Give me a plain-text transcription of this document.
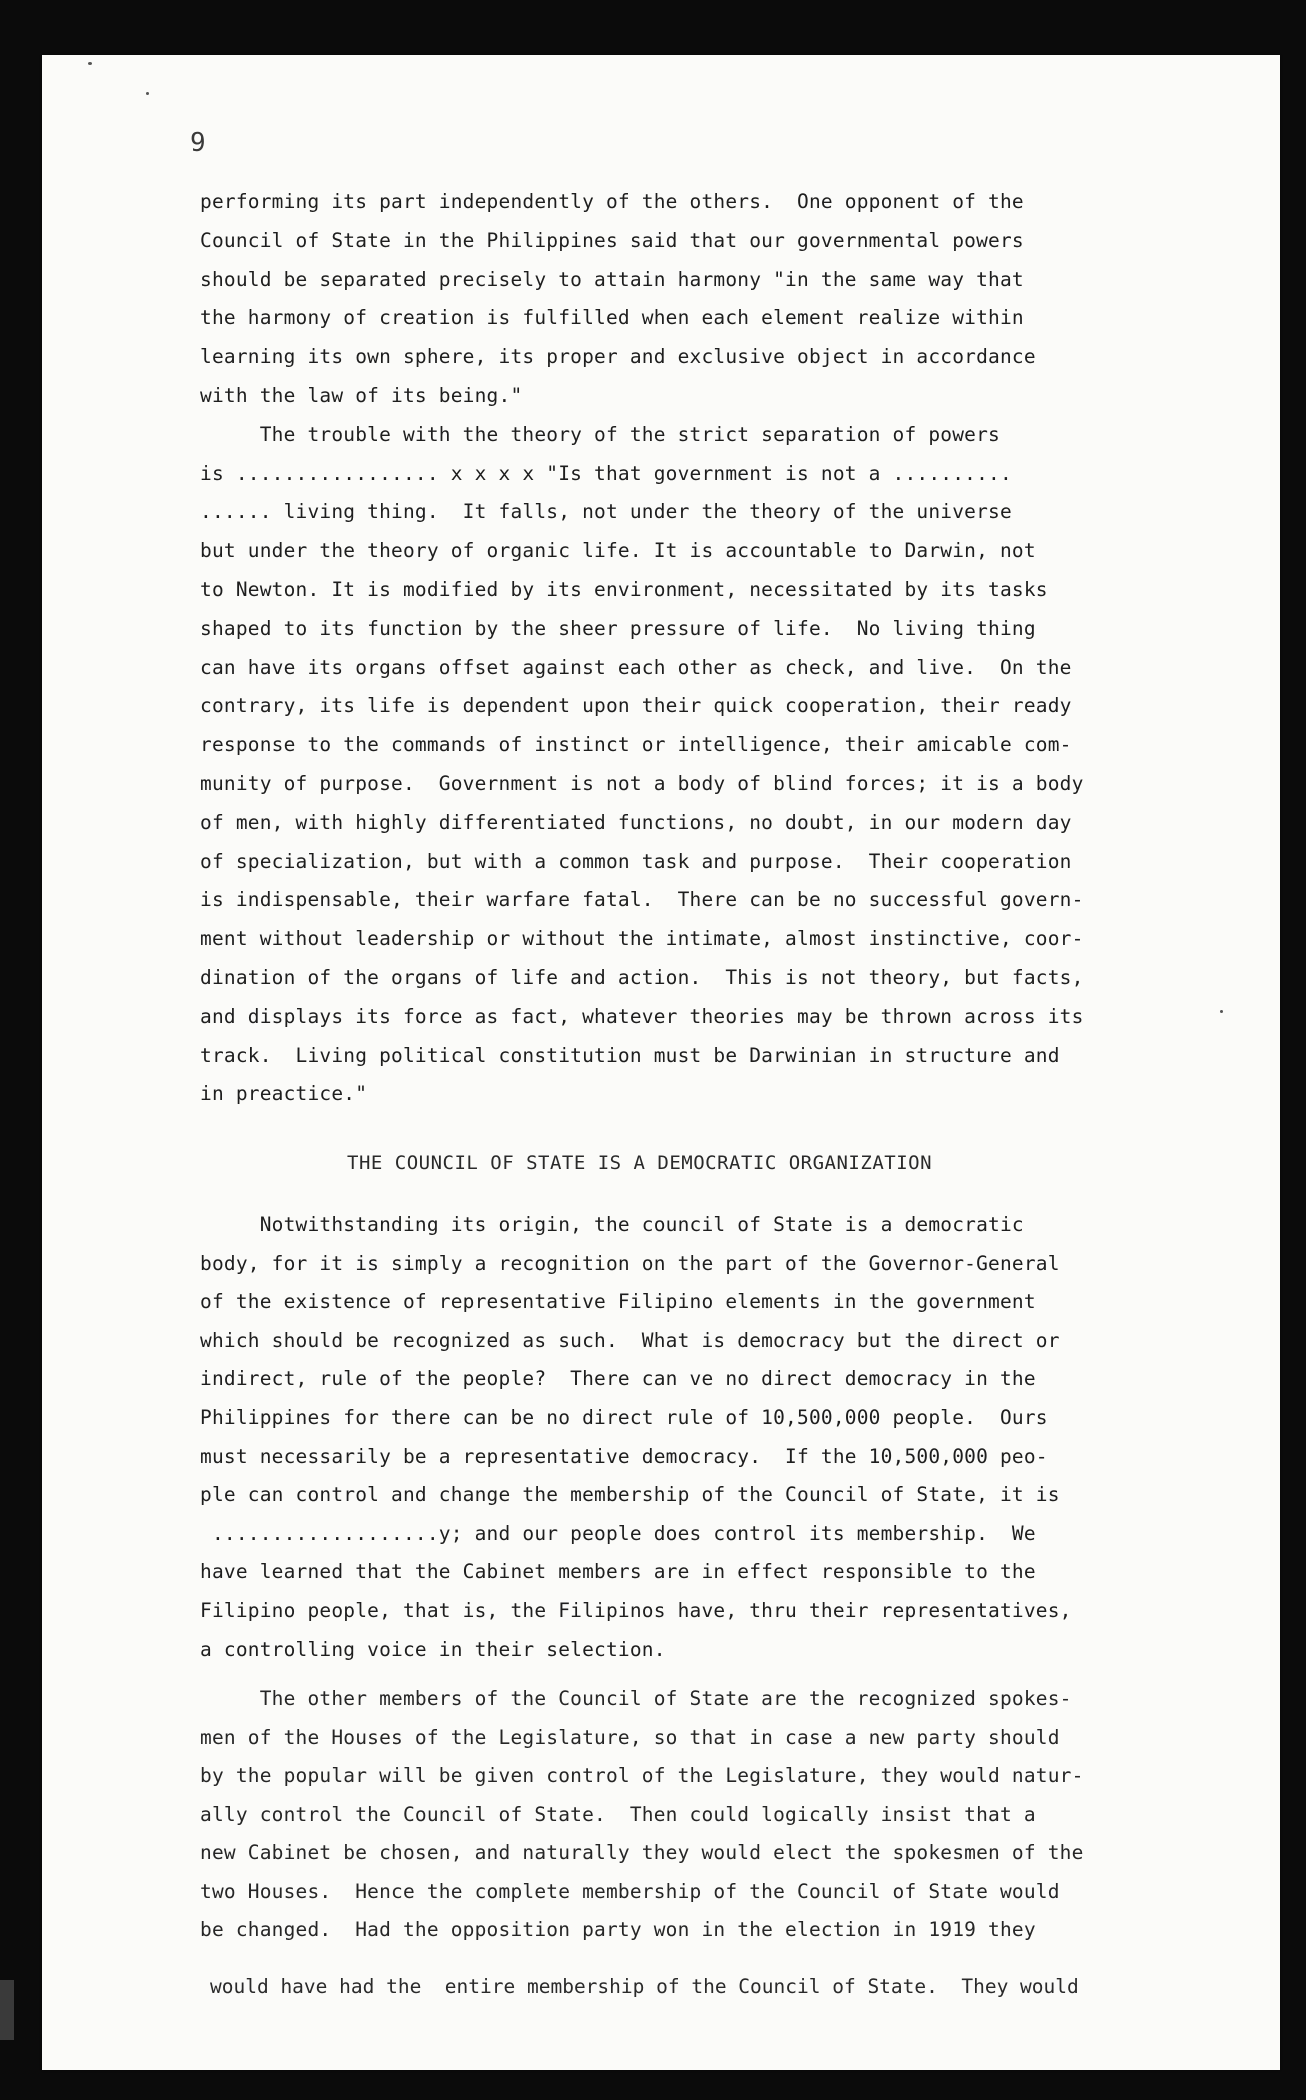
9

performing its part independently of the others.  One opponent of the

Council of State in the Philippines said that our governmental powers

should be separated precisely to attain harmony "in the same way that

the harmony of creation is fulfilled when each element realize within

learning its own sphere, its proper and exclusive object in accordance

with the law of its being."

The trouble with the theory of the strict separation of powers

is ................. x x x x "Is that government is not a ..........

...... living thing.  It falls, not under the theory of the universe

but under the theory of organic life. It is accountable to Darwin, not

to Newton. It is modified by its environment, necessitated by its tasks

shaped to its function by the sheer pressure of life.  No living thing

can have its organs offset against each other as check, and live.  On the

contrary, its life is dependent upon their quick cooperation, their ready

response to the commands of instinct or intelligence, their amicable com-

munity of purpose.  Government is not a body of blind forces; it is a body

of men, with highly differentiated functions, no doubt, in our modern day

of specialization, but with a common task and purpose.  Their cooperation

is indispensable, their warfare fatal.  There can be no successful govern-

ment without leadership or without the intimate, almost instinctive, coor-

dination of the organs of life and action.  This is not theory, but facts,

and displays its force as fact, whatever theories may be thrown across its

track.  Living political constitution must be Darwinian in structure and

in preactice."

THE COUNCIL OF STATE IS A DEMOCRATIC ORGANIZATION

Notwithstanding its origin, the council of State is a democratic

body, for it is simply a recognition on the part of the Governor-General

of the existence of representative Filipino elements in the government

which should be recognized as such.  What is democracy but the direct or

indirect, rule of the people?  There can ve no direct democracy in the

Philippines for there can be no direct rule of 10,500,000 people.  Ours

must necessarily be a representative democracy.  If the 10,500,000 peo-

ple can control and change the membership of the Council of State, it is

...................y; and our people does control its membership.  We

have learned that the Cabinet members are in effect responsible to the

Filipino people, that is, the Filipinos have, thru their representatives,

a controlling voice in their selection.

The other members of the Council of State are the recognized spokes-

men of the Houses of the Legislature, so that in case a new party should

by the popular will be given control of the Legislature, they would natur-

ally control the Council of State.  Then could logically insist that a

new Cabinet be chosen, and naturally they would elect the spokesmen of the

two Houses.  Hence the complete membership of the Council of State would

be changed.  Had the opposition party won in the election in 1919 they

would have had the  entire membership of the Council of State.  They would
